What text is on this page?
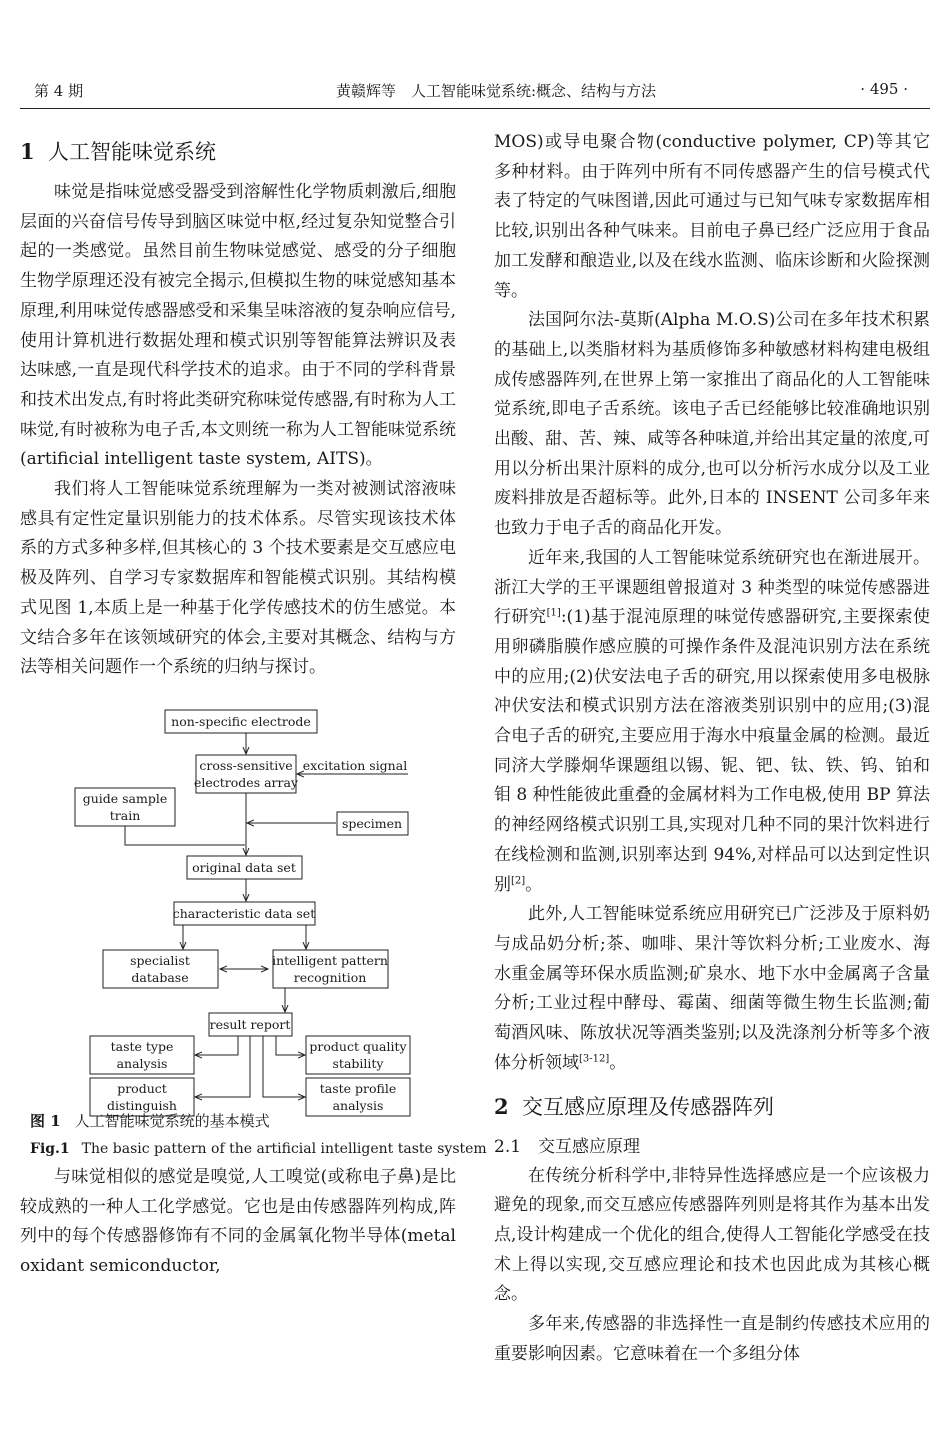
第 4 期	黄赣辉等　人工智能味觉系统:概念、结构与方法	· 495 ·
1 人工智能味觉系统

味觉是指味觉感受器受到溶解性化学物质刺激后,细胞层面的兴奋信号传导到脑区味觉中枢,经过复杂知觉整合引起的一类感觉。虽然目前生物味觉感觉、感受的分子细胞生物学原理还没有被完全揭示,但模拟生物的味觉感知基本原理,利用味觉传感器感受和采集呈味溶液的复杂响应信号,使用计算机进行数据处理和模式识别等智能算法辨识及表达味感,一直是现代科学技术的追求。由于不同的学科背景和技术出发点,有时将此类研究称味觉传感器,有时称为人工味觉,有时被称为电子舌,本文则统一称为人工智能味觉系统(artificial intelligent taste system, AITS)。

我们将人工智能味觉系统理解为一类对被测试溶液味感具有定性定量识别能力的技术体系。尽管实现该技术体系的方式多种多样,但其核心的 3 个技术要素是交互感应电极及阵列、自学习专家数据库和智能模式识别。其结构模式见图 1,本质上是一种基于化学传感技术的仿生感觉。本文结合多年在该领域研究的体会,主要对其概念、结构与方法等相关问题作一个系统的归纳与探讨。

non-specific electrode
cross-sensitive
electrodes array
excitation signal
guide sample
train
specimen
original data set
characteristic data set
specialist
database
intelligent pattern
recognition
result report
taste type
analysis
product quality
stability
product
distinguish
taste profile
analysis
图 1 人工智能味觉系统的基本模式
Fig.1 The basic pattern of the artificial intelligent taste system

与味觉相似的感觉是嗅觉,人工嗅觉(或称电子鼻)是比较成熟的一种人工化学感觉。它也是由传感器阵列构成,阵列中的每个传感器修饰有不同的金属氧化物半导体(metal oxidant semiconductor,

MOS)或导电聚合物(conductive polymer, CP)等其它多种材料。由于阵列中所有不同传感器产生的信号模式代表了特定的气味图谱,因此可通过与已知气味专家数据库相比较,识别出各种气味来。目前电子鼻已经广泛应用于食品加工发酵和酿造业,以及在线水监测、临床诊断和火险探测等。

法国阿尔法-莫斯(Alpha M.O.S)公司在多年技术积累的基础上,以类脂材料为基质修饰多种敏感材料构建电极组成传感器阵列,在世界上第一家推出了商品化的人工智能味觉系统,即电子舌系统。该电子舌已经能够比较准确地识别出酸、甜、苦、辣、咸等各种味道,并给出其定量的浓度,可用以分析出果汁原料的成分,也可以分析污水成分以及工业废料排放是否超标等。此外,日本的 INSENT 公司多年来也致力于电子舌的商品化开发。

近年来,我国的人工智能味觉系统研究也在渐进展开。浙江大学的王平课题组曾报道对 3 种类型的味觉传感器进行研究[1]:(1)基于混沌原理的味觉传感器研究,主要探索使用卵磷脂膜作感应膜的可操作条件及混沌识别方法在系统中的应用;(2)伏安法电子舌的研究,用以探索使用多电极脉冲伏安法和模式识别方法在溶液类别识别中的应用;(3)混合电子舌的研究,主要应用于海水中痕量金属的检测。最近同济大学滕炯华课题组以锡、铌、钯、钛、铁、钨、铂和钼 8 种性能彼此重叠的金属材料为工作电极,使用 BP 算法的神经网络模式识别工具,实现对几种不同的果汁饮料进行在线检测和监测,识别率达到 94%,对样品可以达到定性识别[2]。

此外,人工智能味觉系统应用研究已广泛涉及于原料奶与成品奶分析;茶、咖啡、果汁等饮料分析;工业废水、海水重金属等环保水质监测;矿泉水、地下水中金属离子含量分析;工业过程中酵母、霉菌、细菌等微生物生长监测;葡萄酒风味、陈放状况等酒类鉴别;以及洗涤剂分析等多个液体分析领域[3-12]。

2 交互感应原理及传感器阵列
2.1 交互感应原理

在传统分析科学中,非特异性选择感应是一个应该极力避免的现象,而交互感应传感器阵列则是将其作为基本出发点,设计构建成一个优化的组合,使得人工智能化学感受在技术上得以实现,交互感应理论和技术也因此成为其核心概念。

多年来,传感器的非选择性一直是制约传感技术应用的重要影响因素。它意味着在一个多组分体
